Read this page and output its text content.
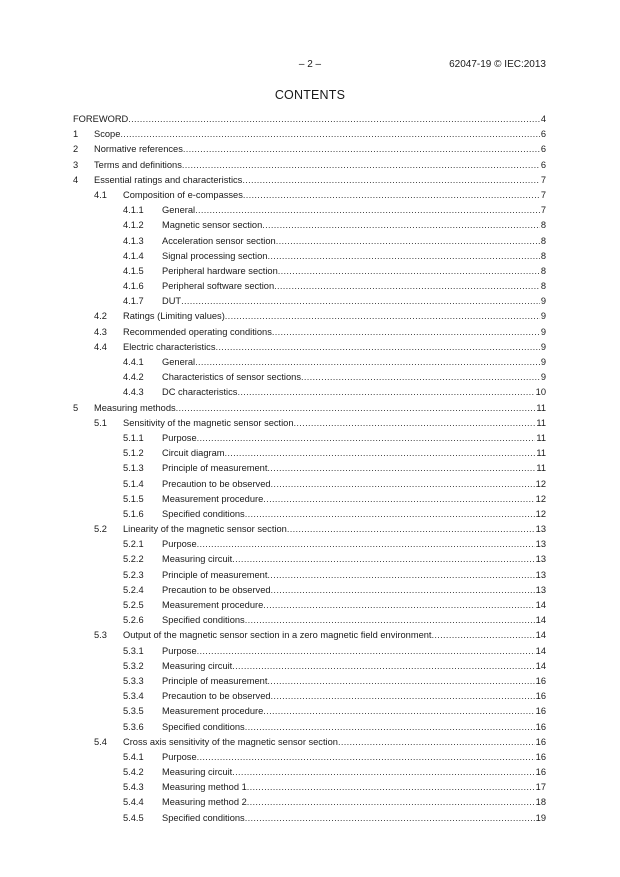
– 2 –	62047-19 © IEC:2013
CONTENTS
FOREWORD .....	4
1	Scope .....	6
2	Normative references .....	6
3	Terms and definitions .....	6
4	Essential ratings and characteristics .....	7
4.1	Composition of e-compasses .....	7
4.1.1	General .....	7
4.1.2	Magnetic sensor section .....	8
4.1.3	Acceleration sensor section .....	8
4.1.4	Signal processing section .....	8
4.1.5	Peripheral hardware section .....	8
4.1.6	Peripheral software section .....	8
4.1.7	DUT .....	9
4.2	Ratings (Limiting values) .....	9
4.3	Recommended operating conditions .....	9
4.4	Electric characteristics .....	9
4.4.1	General .....	9
4.4.2	Characteristics of sensor sections .....	9
4.4.3	DC characteristics .....	10
5	Measuring methods .....	11
5.1	Sensitivity of the magnetic sensor section .....	11
5.1.1	Purpose .....	11
5.1.2	Circuit diagram .....	11
5.1.3	Principle of measurement .....	11
5.1.4	Precaution to be observed .....	12
5.1.5	Measurement procedure .....	12
5.1.6	Specified conditions .....	12
5.2	Linearity of the magnetic sensor section .....	13
5.2.1	Purpose .....	13
5.2.2	Measuring circuit .....	13
5.2.3	Principle of measurement .....	13
5.2.4	Precaution to be observed .....	13
5.2.5	Measurement procedure .....	14
5.2.6	Specified conditions .....	14
5.3	Output of the magnetic sensor section in a zero magnetic field environment .....	14
5.3.1	Purpose .....	14
5.3.2	Measuring circuit .....	14
5.3.3	Principle of measurement .....	16
5.3.4	Precaution to be observed .....	16
5.3.5	Measurement procedure .....	16
5.3.6	Specified conditions .....	16
5.4	Cross axis sensitivity of the magnetic sensor section .....	16
5.4.1	Purpose .....	16
5.4.2	Measuring circuit .....	16
5.4.3	Measuring method 1 .....	17
5.4.4	Measuring method 2 .....	18
5.4.5	Specified conditions .....	19
